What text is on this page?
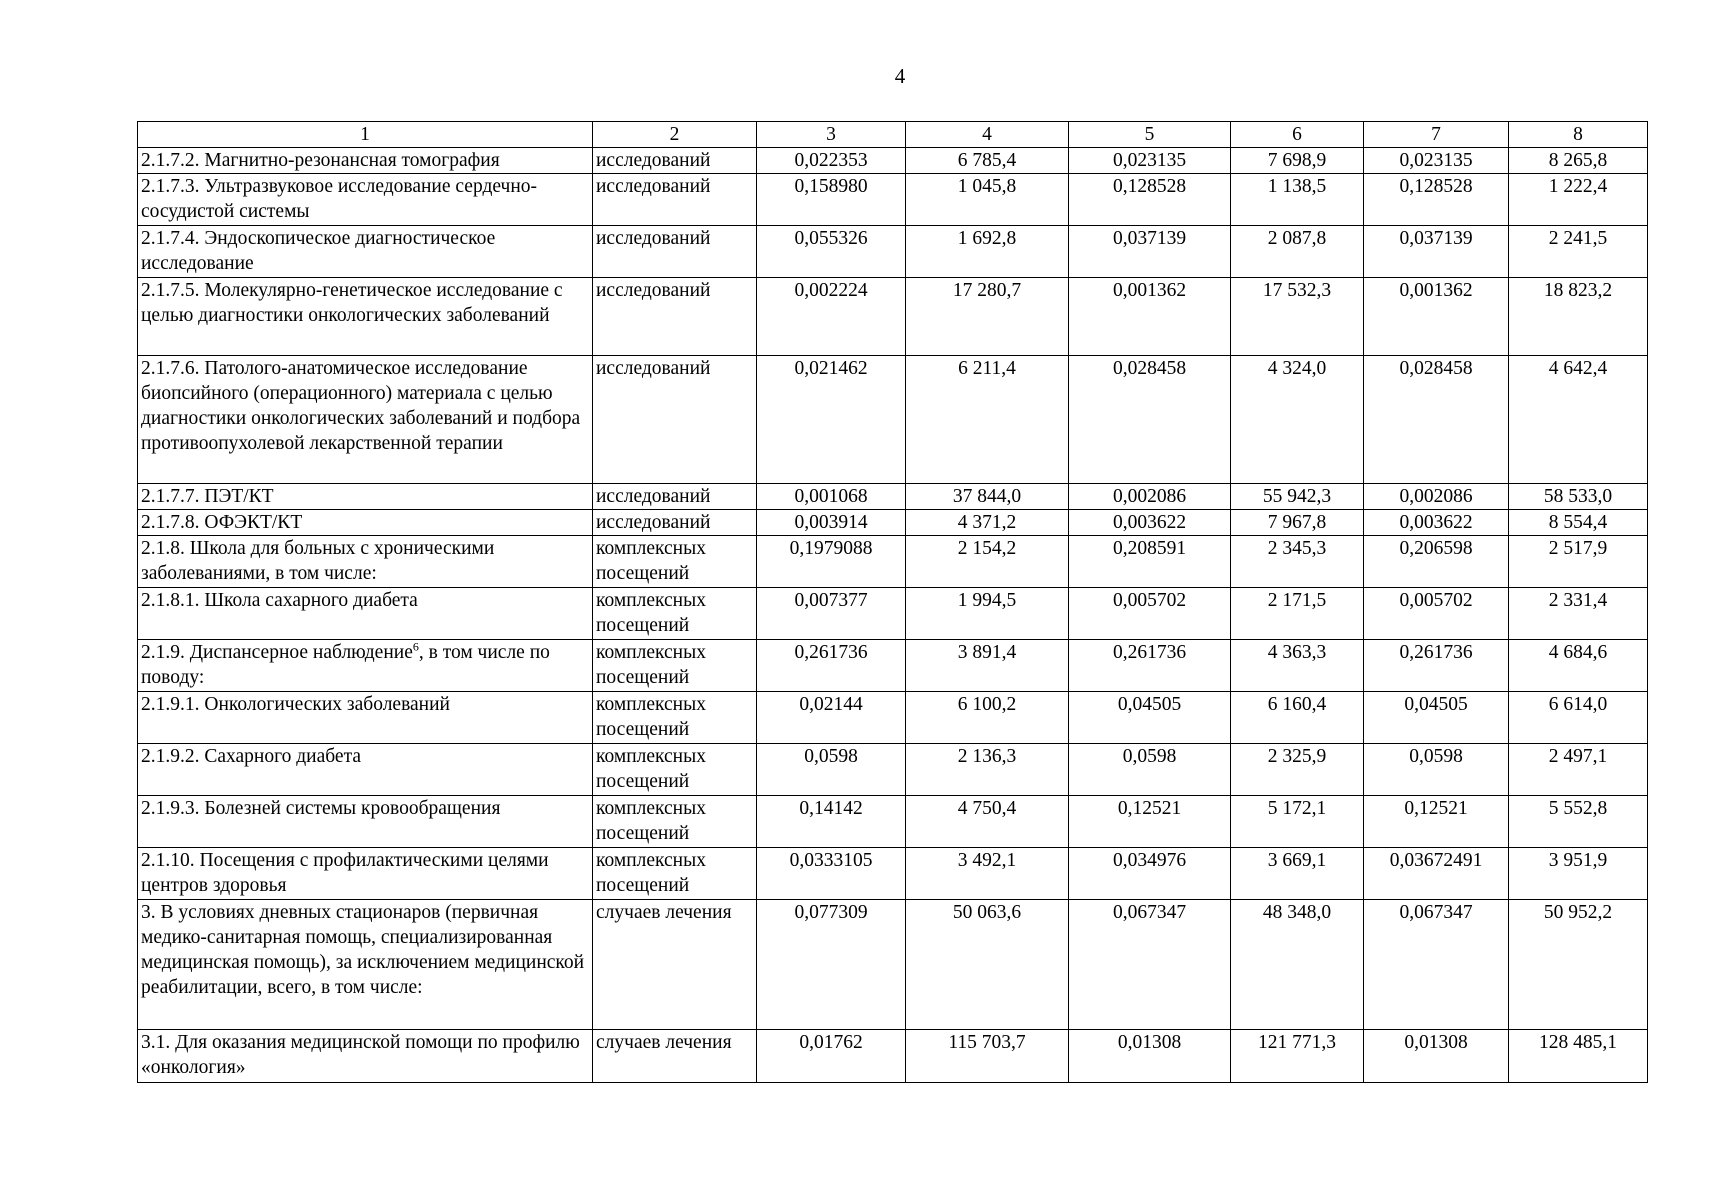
4
1	2	3	4	5	6	7	8
2.1.7.2. Магнитно-резонансная томография	исследований	0,022353	6 785,4	0,023135	7 698,9	0,023135	8 265,8
2.1.7.3. Ультразвуковое исследование сердечно-сосудистой системы	исследований	0,158980	1 045,8	0,128528	1 138,5	0,128528	1 222,4
2.1.7.4. Эндоскопическое диагностическое исследование	исследований	0,055326	1 692,8	0,037139	2 087,8	0,037139	2 241,5
2.1.7.5. Молекулярно-генетическое исследование с целью диагностики онкологических заболеваний	исследований	0,002224	17 280,7	0,001362	17 532,3	0,001362	18 823,2
2.1.7.6. Патолого-анатомическое исследование биопсийного (операционного) материала с целью диагностики онкологических заболеваний и подбора противоопухолевой лекарственной терапии	исследований	0,021462	6 211,4	0,028458	4 324,0	0,028458	4 642,4
2.1.7.7. ПЭТ/КТ	исследований	0,001068	37 844,0	0,002086	55 942,3	0,002086	58 533,0
2.1.7.8. ОФЭКТ/КТ	исследований	0,003914	4 371,2	0,003622	7 967,8	0,003622	8 554,4
2.1.8. Школа для больных с хроническими заболеваниями, в том числе:	комплексных посещений	0,1979088	2 154,2	0,208591	2 345,3	0,206598	2 517,9
2.1.8.1. Школа сахарного диабета	комплексных посещений	0,007377	1 994,5	0,005702	2 171,5	0,005702	2 331,4
2.1.9. Диспансерное наблюдение$^6$, в том числе по поводу:	комплексных посещений	0,261736	3 891,4	0,261736	4 363,3	0,261736	4 684,6
2.1.9.1. Онкологических заболеваний	комплексных посещений	0,02144	6 100,2	0,04505	6 160,4	0,04505	6 614,0
2.1.9.2. Сахарного диабета	комплексных посещений	0,0598	2 136,3	0,0598	2 325,9	0,0598	2 497,1
2.1.9.3. Болезней системы кровообращения	комплексных посещений	0,14142	4 750,4	0,12521	5 172,1	0,12521	5 552,8
2.1.10. Посещения с профилактическими целями центров здоровья	комплексных посещений	0,0333105	3 492,1	0,034976	3 669,1	0,03672491	3 951,9
3. В условиях дневных стационаров (первичная медико-санитарная помощь, специализированная медицинская помощь), за исключением медицинской реабилитации, всего, в том числе:	случаев лечения	0,077309	50 063,6	0,067347	48 348,0	0,067347	50 952,2
3.1. Для оказания медицинской помощи по профилю «онкология»	случаев лечения	0,01762	115 703,7	0,01308	121 771,3	0,01308	128 485,1
